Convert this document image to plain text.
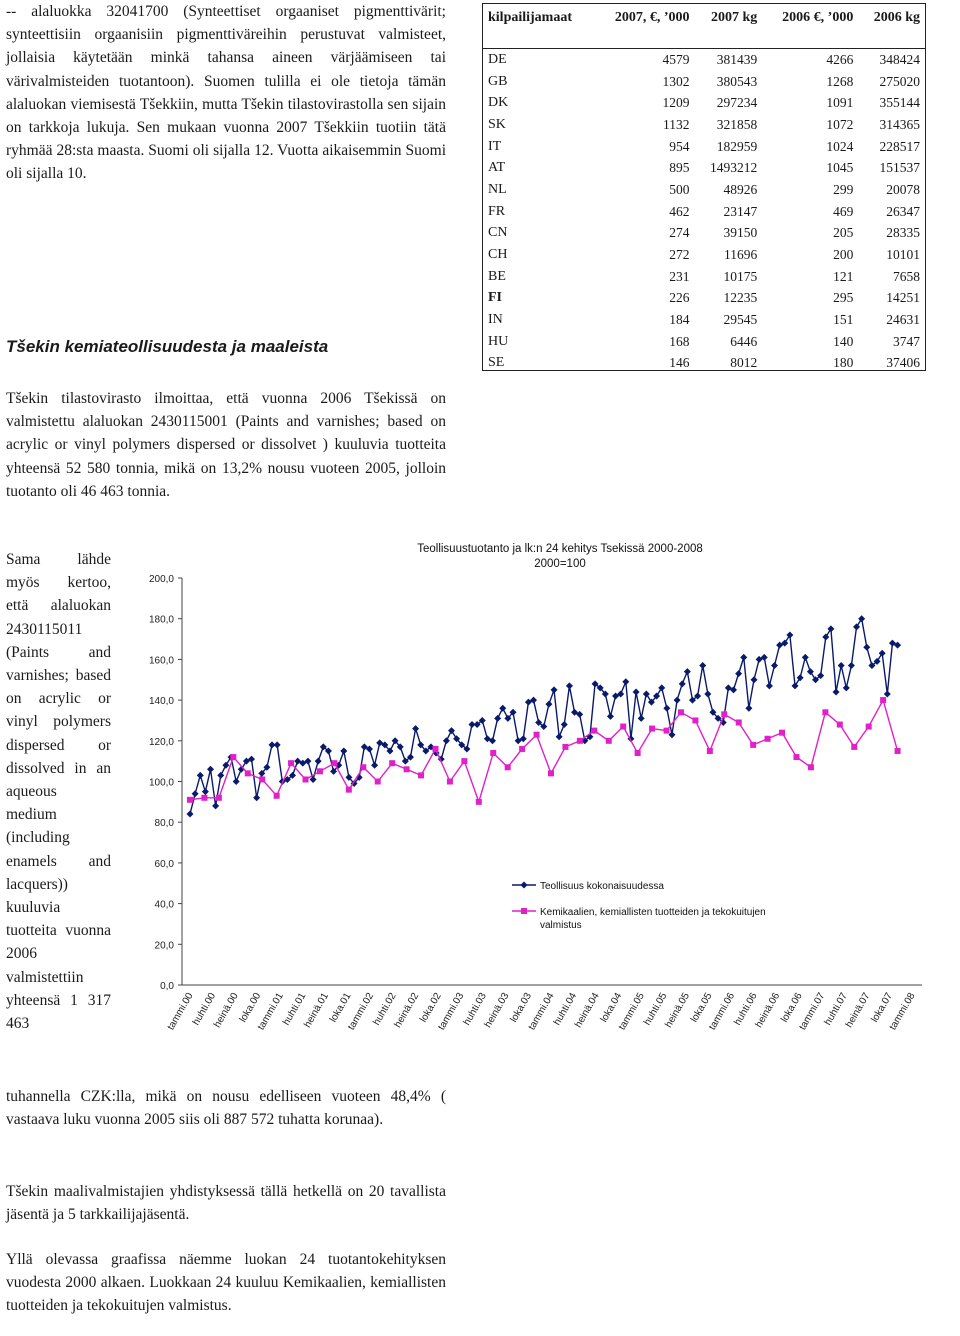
-- alaluokka 32041700 (Synteettiset orgaaniset pigmenttivärit; synteettisiin orgaanisiin pigmenttiväreihin perustuvat valmisteet, jollaisia käytetään minkä tahansa aineen värjäämiseen tai värivalmisteiden tuotantoon). Suomen tulilla ei ole tietoja tämän alaluokan viemisestä Tšekkiin, mutta Tšekin tilastovirastolla sen sijain on tarkkoja lukuja. Sen mukaan vuonna 2007 Tšekkiin tuotiin tätä ryhmää 28:sta maasta. Suomi oli sijalla 12. Vuotta aikaisemmin Suomi oli sijalla 10.

Tšekin kemiateollisuudesta ja maaleista

Tšekin tilastovirasto ilmoittaa, että vuonna 2006 Tšekissä on valmistettu alaluokan 2430115001 (Paints and varnishes; based on acrylic or vinyl polymers dispersed or dissolvet ) kuuluvia tuotteita yhteensä 52 580 tonnia, mikä on 13,2% nousu vuoteen 2005, jolloin tuotanto oli 46 463 tonnia.

Sama lähde myös kertoo, että alaluokan 2430115011 (Paints and varnishes; based on acrylic or vinyl polymers dispersed or dissolved in an aqueous medium (including enamels and lacquers)) kuuluvia tuotteita vuonna 2006 valmistettiin yhteensä 1 317 463

tuhannella CZK:lla, mikä on nousu edelliseen vuoteen 48,4% ( vastaava luku vuonna 2005 siis oli 887 572 tuhatta korunaa).

Tšekin maalivalmistajien yhdistyksessä tällä hetkellä on 20 tavallista jäsentä ja 5 tarkkailijajäsentä.

Yllä olevassa graafissa näemme luokan 24 tuotantokehityksen vuodesta 2000 alkaen. Luokkaan 24 kuuluu Kemikaalien, kemiallisten tuotteiden ja tekokuitujen valmistus.

kilpailijamaat	2007, €, ’000	2007 kg	2006 €, ’000	2006 kg
DE	4579	381439	4266	348424
GB	1302	380543	1268	275020
DK	1209	297234	1091	355144
SK	1132	321858	1072	314365
IT	954	182959	1024	228517
AT	895	1493212	1045	151537
NL	500	48926	299	20078
FR	462	23147	469	26347
CN	274	39150	205	28335
CH	272	11696	200	10101
BE	231	10175	121	7658
FI	226	12235	295	14251
IN	184	29545	151	24631
HU	168	6446	140	3747
SE	146	8012	180	37406
Teollisuustuotanto ja lk:n 24 kehitys Tsekissä 2000-2008
2000=100
0,0
20,0
40,0
60,0
80,0
100,0
120,0
140,0
160,0
180,0
200,0
tammi.00
huhti.00
heinä.00
loka.00
tammi.01
huhti.01
heinä.01
loka.01
tammi.02
huhti.02
heinä.02
loka.02
tammi.03
huhti.03
heinä.03
loka.03
tammi.04
huhti.04
heinä.04
loka.04
tammi.05
huhti.05
heinä.05
loka.05
tammi.06
huhti.06
heinä.06
loka.06
tammi.07
huhti.07
heinä.07
loka.07
tammi.08
Teollisuus kokonaisuudessa
Kemikaalien, kemiallisten tuotteiden ja tekokuitujen
valmistus
